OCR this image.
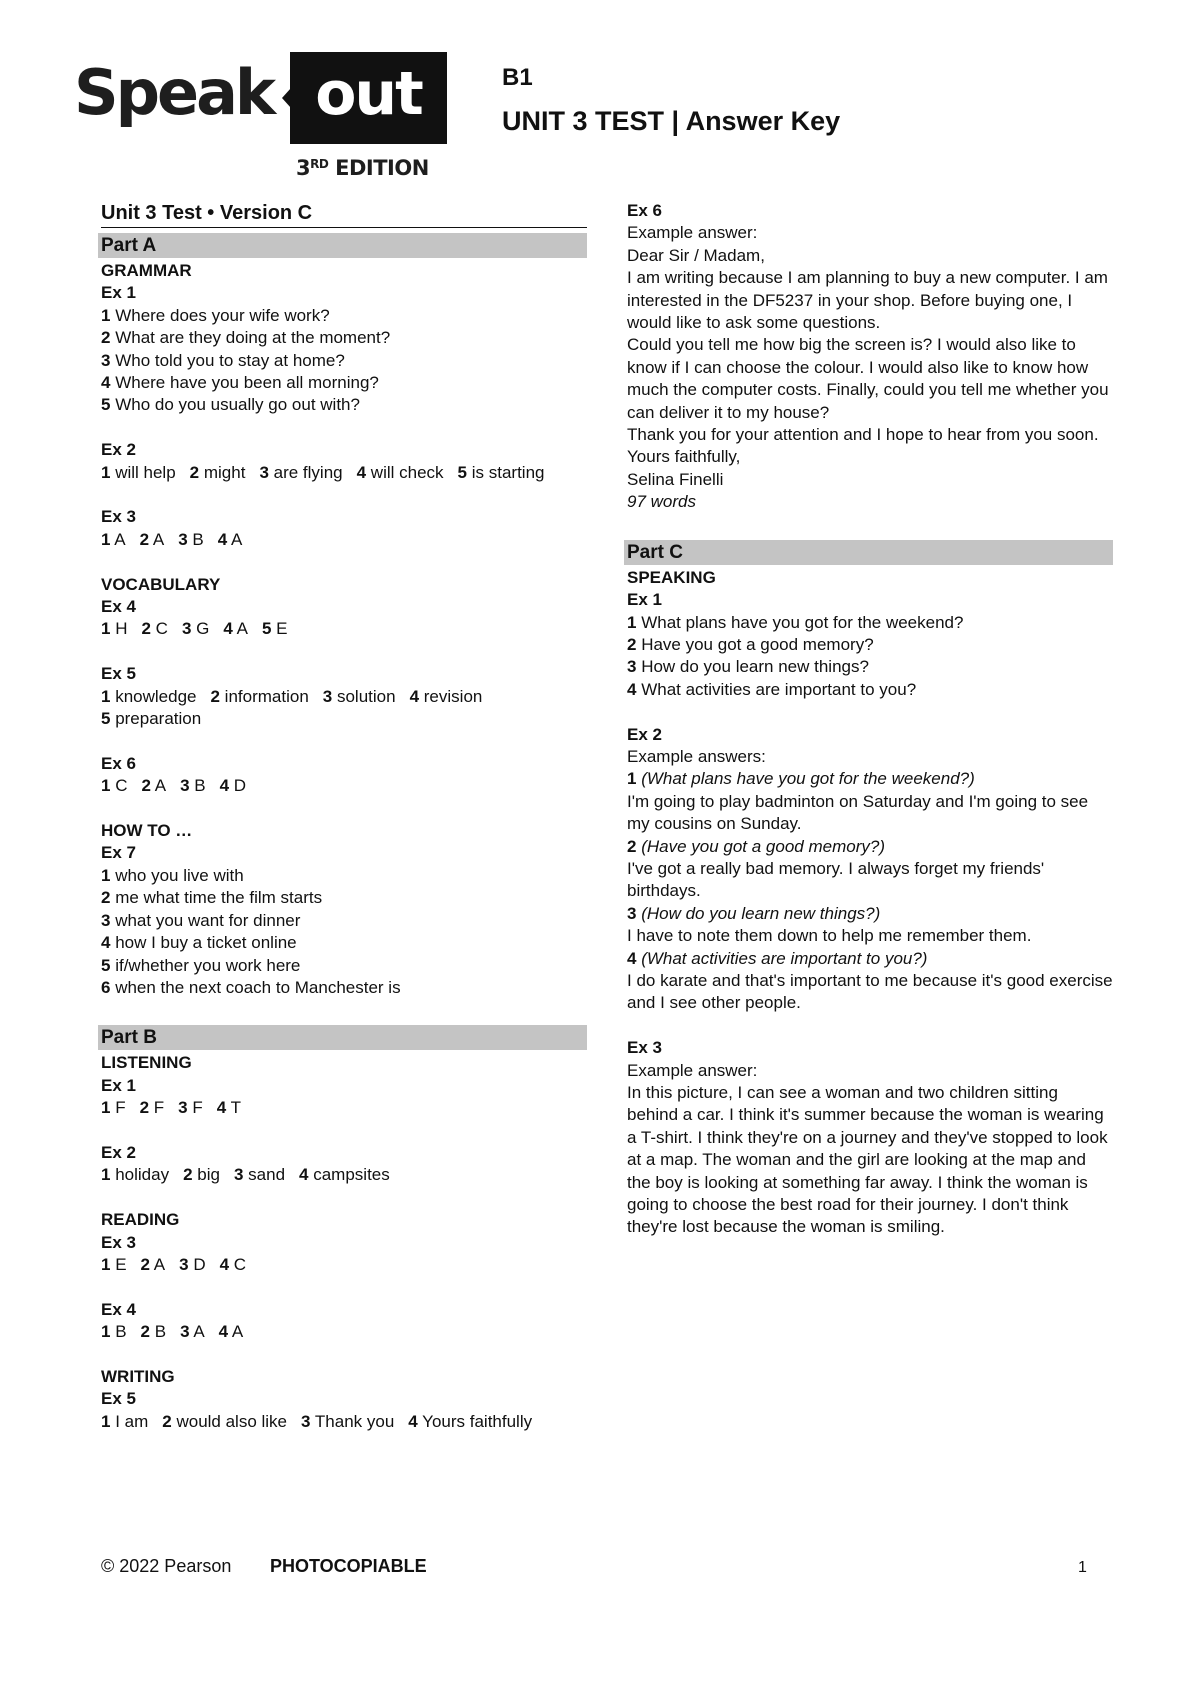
Speak out
3RD EDITION
B1
UNIT 3 TEST | Answer Key
Unit 3 Test • Version C
Part A
GRAMMAR
Ex 1
1 Where does your wife work?
2 What are they doing at the moment?
3 Who told you to stay at home?
4 Where have you been all morning?
5 Who do you usually go out with?
Ex 2
1 will help 2 might 3 are flying 4 will check 5 is starting
Ex 3
1 A 2 A 3 B 4 A
VOCABULARY
Ex 4
1 H 2 C 3 G 4 A 5 E
Ex 5
1 knowledge 2 information 3 solution 4 revision
5 preparation
Ex 6
1 C 2 A 3 B 4 D
HOW TO …
Ex 7
1 who you live with
2 me what time the film starts
3 what you want for dinner
4 how I buy a ticket online
5 if/whether you work here
6 when the next coach to Manchester is
Part B
LISTENING
Ex 1
1 F 2 F 3 F 4 T
Ex 2
1 holiday 2 big 3 sand 4 campsites
READING
Ex 3
1 E 2 A 3 D 4 C
Ex 4
1 B 2 B 3 A 4 A
WRITING
Ex 5
1 I am 2 would also like 3 Thank you 4 Yours faithfully
Ex 6
Example answer:
Dear Sir / Madam,

I am writing because I am planning to buy a new computer. I am interested in the DF5237 in your shop. Before buying one, I would like to ask some questions.

Could you tell me how big the screen is? I would also like to know if I can choose the colour. I would also like to know how much the computer costs. Finally, could you tell me whether you can deliver it to my house?

Thank you for your attention and I hope to hear from you soon.

Yours faithfully,
Selina Finelli
97 words
Part C
SPEAKING
Ex 1
1 What plans have you got for the weekend?
2 Have you got a good memory?
3 How do you learn new things?
4 What activities are important to you?
Ex 2
Example answers:
1 (What plans have you got for the weekend?)
I'm going to play badminton on Saturday and I'm going to see my cousins on Sunday.
2 (Have you got a good memory?)
I've got a really bad memory. I always forget my friends' birthdays.
3 (How do you learn new things?)
I have to note them down to help me remember them.
4 (What activities are important to you?)
I do karate and that's important to me because it's good exercise and I see other people.
Ex 3
Example answer:

In this picture, I can see a woman and two children sitting behind a car. I think it's summer because the woman is wearing a T-shirt. I think they're on a journey and they've stopped to look at a map. The woman and the girl are looking at the map and the boy is looking at something far away. I think the woman is going to choose the best road for their journey. I don't think they're lost because the woman is smiling.

© 2022 Pearson PHOTOCOPIABLE	1
